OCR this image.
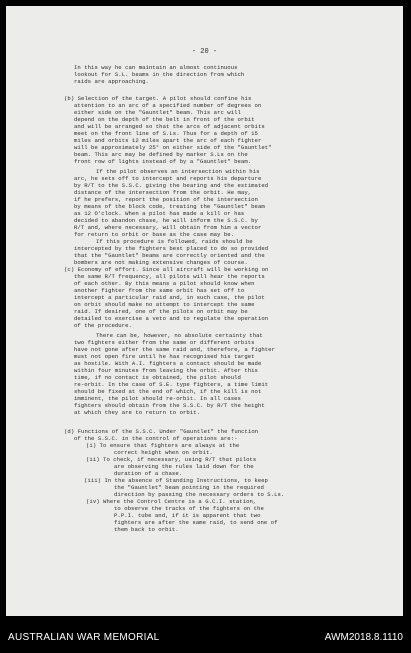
- 20 -
In this way he can maintain an almost continuous
lookout for S.L. beams in the direction from which
raids are approaching.
(b) Selection of the target. A pilot should confine his
attention to an arc of a specified number of degrees on
either side on the "Gauntlet" beam. This arc will
depend on the depth of the belt in front of the orbit
and will be arranged so that the arcs of adjacent orbits
meet on the front line of S.Ls. Thus for a depth of 15
miles and orbits 12 miles apart the arc of each fighter
will be approximately 25° on either side of the "Gauntlet"
beam. This arc may be defined by marker S.Ls on the
front row of lights instead of by a "Gauntlet" beam.
If the pilot observes an intersection within his
arc, he sets off to intercept and reports his departure
by R/T to the S.S.C. giving the bearing and the estimated
distance of the intersection from the orbit. He may,
if he prefers, report the position of the intersection
by means of the block code, treating the "Gauntlet" beam
as 12 O'clock. When a pilot has made a kill or has
decided to abandon chase, he will inform the S.S.C. by
R/T and, where necessary, will obtain from him a vector
for return to orbit or base as the case may be.
If this procedure is followed, raids should be
intercepted by the fighters best placed to do so provided
that the "Gauntlet" beams are correctly oriented and the
bombers are not making extensive changes of course.
(c) Economy of effort. Since all aircraft will be working on
the same R/T frequency, all pilots will hear the reports
of each other. By this means a pilot should know when
another fighter from the same orbit has set off to
intercept a particular raid and, in such case, the pilot
on orbit should make no attempt to intercept the same
raid. If desired, one of the pilots on orbit may be
detailed to exercise a veto and to regulate the operation
of the procedure.
There can be, however, no absolute certainty that
two fighters either from the same or different orbits
have not gone after the same raid and, therefore, a fighter
must not open fire until he has recognised his target
as hostile. With A.I. fighters a contact should be made
within four minutes from leaving the orbit. After this
time, if no contact is obtained, the pilot should
re-orbit. In the case of S.E. type fighters, a time limit
should be fixed at the end of which, if the kill is not
imminent, the pilot should re-orbit. In all cases
fighters should obtain from the S.S.C. by R/T the height
at which they are to return to orbit.
(d) Functions of the S.S.C. Under "Gauntlet" the function
of the S.S.C. in the control of operations are:-
(i) To ensure that fighters are always at the
correct height when on orbit.
(ii) To check, if necessary, using R/T that pilots
are observing the rules laid down for the
duration of a chase.
(iii) In the absence of Standing Instructions, to keep
the "Gauntlet" beam pointing in the required
direction by passing the necessary orders to S.Ls.
(iv) Where the Control Centre is a G.C.I. station,
to observe the tracks of the fighters on the
P.P.I. tube and, if it is apparent that two
fighters are after the same raid, to send one of
them back to orbit.
AUSTRALIAN WAR MEMORIAL	AWM2018.8.1110
